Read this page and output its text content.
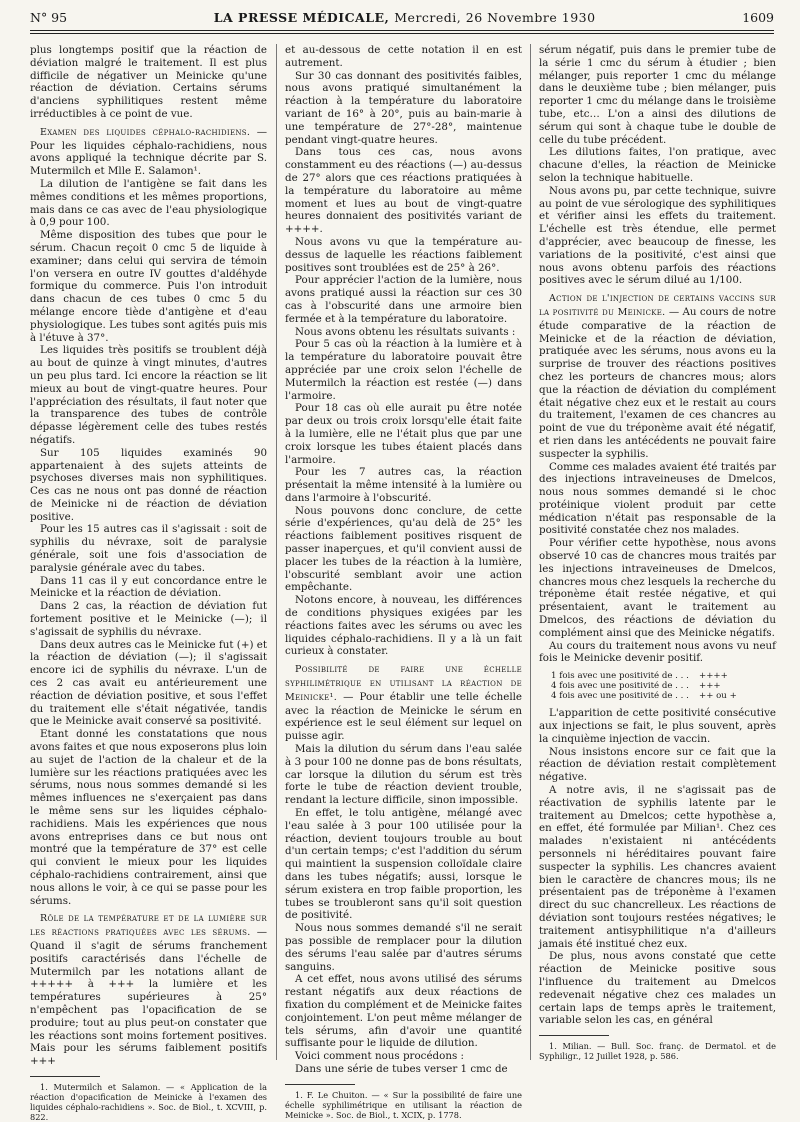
N° 95	LA PRESSE MÉDICALE, Mercredi, 26 Novembre 1930	1609

plus longtemps positif que la réaction de déviation malgré le traitement. Il est plus difficile de négativer un Meinicke qu'une réaction de déviation. Certains sérums d'anciens syphilitiques restent même irréductibles à ce point de vue.

Examen des liquides céphalo-rachidiens. — Pour les liquides céphalo-rachidiens, nous avons appliqué la technique décrite par S. Mutermilch et Mlle E. Salamon¹.

La dilution de l'antigène se fait dans les mêmes conditions et les mêmes proportions, mais dans ce cas avec de l'eau physiologique à 0,9 pour 100.

Même disposition des tubes que pour le sérum. Chacun reçoit 0 cmc 5 de liquide à examiner; dans celui qui servira de témoin l'on versera en outre IV gouttes d'aldéhyde formique du commerce. Puis l'on introduit dans chacun de ces tubes 0 cmc 5 du mélange encore tiède d'antigène et d'eau physiologique. Les tubes sont agités puis mis à l'étuve à 37°.

Les liquides très positifs se troublent déjà au bout de quinze à vingt minutes, d'autres un peu plus tard. Ici encore la réaction se lit mieux au bout de vingt-quatre heures. Pour l'appréciation des résultats, il faut noter que la transparence des tubes de contrôle dépasse légèrement celle des tubes restés négatifs.

Sur 105 liquides examinés 90 appartenaient à des sujets atteints de psychoses diverses mais non syphilitiques. Ces cas ne nous ont pas donné de réaction de Meinicke ni de réaction de déviation positive.

Pour les 15 autres cas il s'agissait : soit de syphilis du névraxe, soit de paralysie générale, soit une fois d'association de paralysie générale avec du tabes.

Dans 11 cas il y eut concordance entre le Meinicke et la réaction de déviation.

Dans 2 cas, la réaction de déviation fut fortement positive et le Meinicke (—); il s'agissait de syphilis du névraxe.

Dans deux autres cas le Meinicke fut (+) et la réaction de déviation (—); il s'agissait encore ici de syphilis du névraxe. L'un de ces 2 cas avait eu antérieurement une réaction de déviation positive, et sous l'effet du traitement elle s'était négativée, tandis que le Meinicke avait conservé sa positivité.

Etant donné les constatations que nous avons faites et que nous exposerons plus loin au sujet de l'action de la chaleur et de la lumière sur les réactions pratiquées avec les sérums, nous nous sommes demandé si les mêmes influences ne s'exerçaient pas dans le même sens sur les liquides céphalo-rachidiens. Mais les expériences que nous avons entreprises dans ce but nous ont montré que la température de 37° est celle qui convient le mieux pour les liquides céphalo-rachidiens contrairement, ainsi que nous allons le voir, à ce qui se passe pour les sérums.

Rôle de la température et de la lumière sur les réactions pratiquées avec les sérums. — Quand il s'agit de sérums franchement positifs caractérisés dans l'échelle de Mutermilch par les notations allant de +++++ à +++ la lumière et les températures supérieures à 25° n'empêchent pas l'opacification de se produire; tout au plus peut-on constater que les réactions sont moins fortement positives. Mais pour les sérums faiblement positifs +++

1. Mutermilch et Salamon. — « Application de la réaction d'opacification de Meinicke à l'examen des liquides céphalo-rachidiens ». Soc. de Biol., t. XCVIII, p. 822.

et au-dessous de cette notation il en est autrement.

Sur 30 cas donnant des positivités faibles, nous avons pratiqué simultanément la réaction à la température du laboratoire variant de 16° à 20°, puis au bain-marie à une température de 27°-28°, maintenue pendant vingt-quatre heures.

Dans tous ces cas, nous avons constamment eu des réactions (—) au-dessus de 27° alors que ces réactions pratiquées à la température du laboratoire au même moment et lues au bout de vingt-quatre heures donnaient des positivités variant de ++++.

Nous avons vu que la température au-dessus de laquelle les réactions faiblement positives sont troublées est de 25° à 26°.

Pour apprécier l'action de la lumière, nous avons pratiqué aussi la réaction sur ces 30 cas à l'obscurité dans une armoire bien fermée et à la température du laboratoire.

Nous avons obtenu les résultats suivants :

Pour 5 cas où la réaction à la lumière et à la température du laboratoire pouvait être appréciée par une croix selon l'échelle de Mutermilch la réaction est restée (—) dans l'armoire.

Pour 18 cas où elle aurait pu être notée par deux ou trois croix lorsqu'elle était faite à la lumière, elle ne l'était plus que par une croix lorsque les tubes étaient placés dans l'armoire.

Pour les 7 autres cas, la réaction présentait la même intensité à la lumière ou dans l'armoire à l'obscurité.

Nous pouvons donc conclure, de cette série d'expériences, qu'au delà de 25° les réactions faiblement positives risquent de passer inaperçues, et qu'il convient aussi de placer les tubes de la réaction à la lumière, l'obscurité semblant avoir une action empêchante.

Notons encore, à nouveau, les différences de conditions physiques exigées par les réactions faites avec les sérums ou avec les liquides céphalo-rachidiens. Il y a là un fait curieux à constater.

Possibilité de faire une échelle syphilimétrique en utilisant la réaction de Meinicke¹. — Pour établir une telle échelle avec la réaction de Meinicke le sérum en expérience est le seul élément sur lequel on puisse agir.

Mais la dilution du sérum dans l'eau salée à 3 pour 100 ne donne pas de bons résultats, car lorsque la dilution du sérum est très forte le tube de réaction devient trouble, rendant la lecture difficile, sinon impossible.

En effet, le tolu antigène, mélangé avec l'eau salée à 3 pour 100 utilisée pour la réaction, devient toujours trouble au bout d'un certain temps; c'est l'addition du sérum qui maintient la suspension colloïdale claire dans les tubes négatifs; aussi, lorsque le sérum existera en trop faible proportion, les tubes se troubleront sans qu'il soit question de positivité.

Nous nous sommes demandé s'il ne serait pas possible de remplacer pour la dilution des sérums l'eau salée par d'autres sérums sanguins.

A cet effet, nous avons utilisé des sérums restant négatifs aux deux réactions de fixation du complément et de Meinicke faites conjointement. L'on peut même mélanger de tels sérums, afin d'avoir une quantité suffisante pour le liquide de dilution.

Voici comment nous procédons :

Dans une série de tubes verser 1 cmc de

1. F. Le Chuiton. — « Sur la possibilité de faire une échelle syphilimétrique en utilisant la réaction de Meinicke ». Soc. de Biol., t. XCIX, p. 1778.

sérum négatif, puis dans le premier tube de la série 1 cmc du sérum à étudier ; bien mélanger, puis reporter 1 cmc du mélange dans le deuxième tube ; bien mélanger, puis reporter 1 cmc du mélange dans le troisième tube, etc… L'on a ainsi des dilutions de sérum qui sont à chaque tube le double de celle du tube précédent.

Les dilutions faites, l'on pratique, avec chacune d'elles, la réaction de Meinicke selon la technique habituelle.

Nous avons pu, par cette technique, suivre au point de vue sérologique des syphilitiques et vérifier ainsi les effets du traitement. L'échelle est très étendue, elle permet d'apprécier, avec beaucoup de finesse, les variations de la positivité, c'est ainsi que nous avons obtenu parfois des réactions positives avec le sérum dilué au 1/100.

Action de l'injection de certains vaccins sur la positivité du Meinicke. — Au cours de notre étude comparative de la réaction de Meinicke et de la réaction de déviation, pratiquée avec les sérums, nous avons eu la surprise de trouver des réactions positives chez les porteurs de chancres mous; alors que la réaction de déviation du complément était négative chez eux et le restait au cours du traitement, l'examen de ces chancres au point de vue du tréponème avait été négatif, et rien dans les antécédents ne pouvait faire suspecter la syphilis.

Comme ces malades avaient été traités par des injections intraveineuses de Dmelcos, nous nous sommes demandé si le choc protéinique violent produit par cette médication n'était pas responsable de la positivité constatée chez nos malades.

Pour vérifier cette hypothèse, nous avons observé 10 cas de chancres mous traités par les injections intraveineuses de Dmelcos, chancres mous chez lesquels la recherche du tréponème était restée négative, et qui présentaient, avant le traitement au Dmelcos, des réactions de déviation du complément ainsi que des Meinicke négatifs.

Au cours du traitement nous avons vu neuf fois le Meinicke devenir positif.

1 fois avec une positivité de . . .	++++
4 fois avec une positivité de . . .	+++
4 fois avec une positivité de . . .	++ ou +

L'apparition de cette positivité consécutive aux injections se fait, le plus souvent, après la cinquième injection de vaccin.

Nous insistons encore sur ce fait que la réaction de déviation restait complètement négative.

A notre avis, il ne s'agissait pas de réactivation de syphilis latente par le traitement au Dmelcos; cette hypothèse a, en effet, été formulée par Milian¹. Chez ces malades n'existaient ni antécédents personnels ni héréditaires pouvant faire suspecter la syphilis. Les chancres avaient bien le caractère de chancres mous; ils ne présentaient pas de tréponème à l'examen direct du suc chancrelleux. Les réactions de déviation sont toujours restées négatives; le traitement antisyphilitique n'a d'ailleurs jamais été institué chez eux.

De plus, nous avons constaté que cette réaction de Meinicke positive sous l'influence du traitement au Dmelcos redevenait négative chez ces malades un certain laps de temps après le traitement, variable selon les cas, en général

1. Milian. — Bull. Soc. franç. de Dermatol. et de Syphiligr., 12 Juillet 1928, p. 586.
